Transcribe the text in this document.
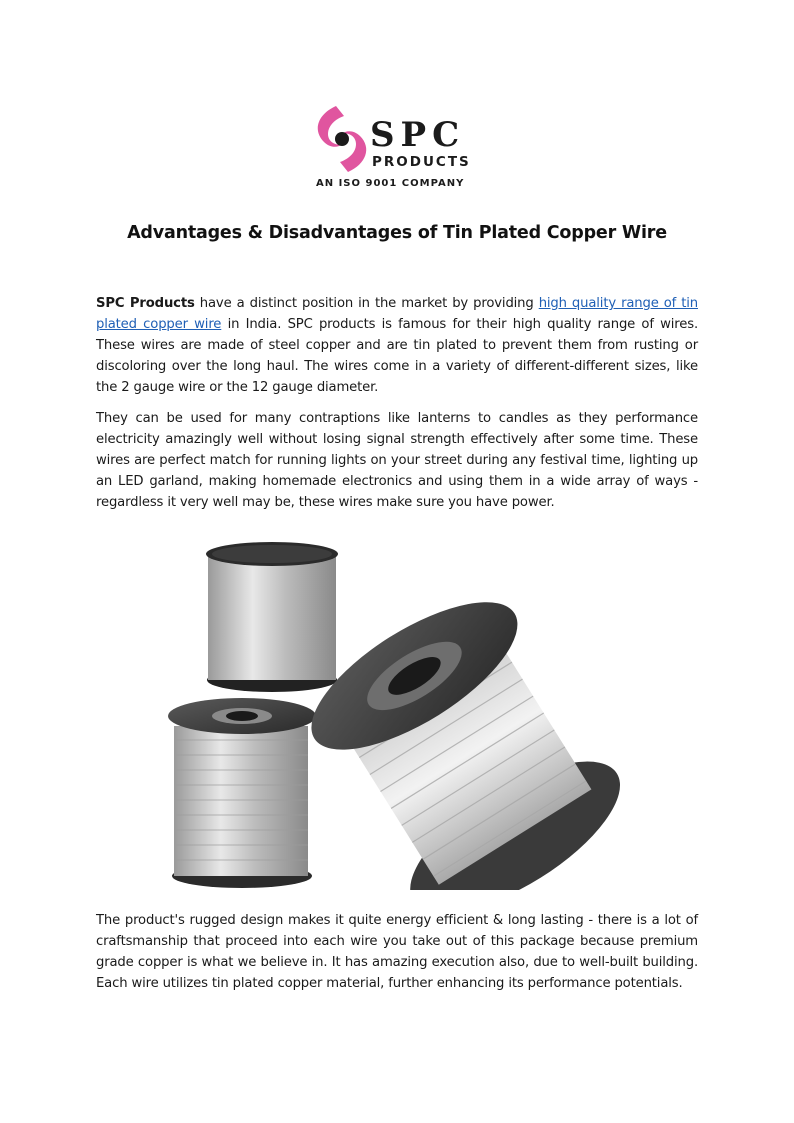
SPC
PRODUCTS
AN ISO 9001 COMPANY
Advantages & Disadvantages of Tin Plated Copper Wire
SPC Products have a distinct position in the market by providing high quality range of tin plated copper wire in India. SPC products is famous for their high quality range of wires. These wires are made of steel copper and are tin plated to prevent them from rusting or discoloring over the long haul. The wires come in a variety of different-different sizes, like the 2 gauge wire or the 12 gauge diameter.
They can be used for many contraptions like lanterns to candles as they performance electricity amazingly well without losing signal strength effectively after some time. These wires are perfect match for running lights on your street during any festival time, lighting up an LED garland, making homemade electronics and using them in a wide array of ways - regardless it very well may be, these wires make sure you have power.
The product's rugged design makes it quite energy efficient & long lasting - there is a lot of craftsmanship that proceed into each wire you take out of this package because premium grade copper is what we believe in. It has amazing execution also, due to well-built building. Each wire utilizes tin plated copper material, further enhancing its performance potentials.
